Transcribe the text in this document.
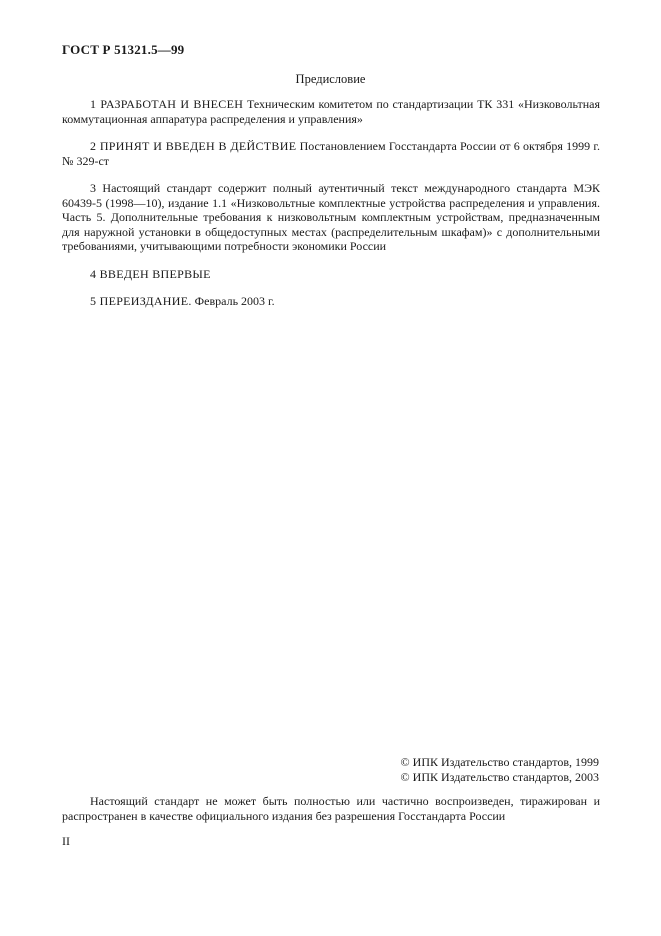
ГОСТ Р 51321.5—99
Предисловие

1 РАЗРАБОТАН И ВНЕСЕН Техническим комитетом по стандартизации ТК 331 «Низковольтная коммутационная аппаратура распределения и управления»

2 ПРИНЯТ И ВВЕДЕН В ДЕЙСТВИЕ Постановлением Госстандарта России от 6 октября 1999 г. № 329-ст

3 Настоящий стандарт содержит полный аутентичный текст международного стандарта МЭК 60439-5 (1998—10), издание 1.1 «Низковольтные комплектные устройства распределения и управления. Часть 5. Дополнительные требования к низковольтным комплектным устройствам, предназначенным для наружной установки в общедоступных местах (распределительным шкафам)» с дополнительными требованиями, учитывающими потребности экономики России

4 ВВЕДЕН ВПЕРВЫЕ

5 ПЕРЕИЗДАНИЕ. Февраль 2003 г.

© ИПК Издательство стандартов, 1999
© ИПК Издательство стандартов, 2003
Настоящий стандарт не может быть полностью или частично воспроизведен, тиражирован и распространен в качестве официального издания без разрешения Госстандарта России
II
